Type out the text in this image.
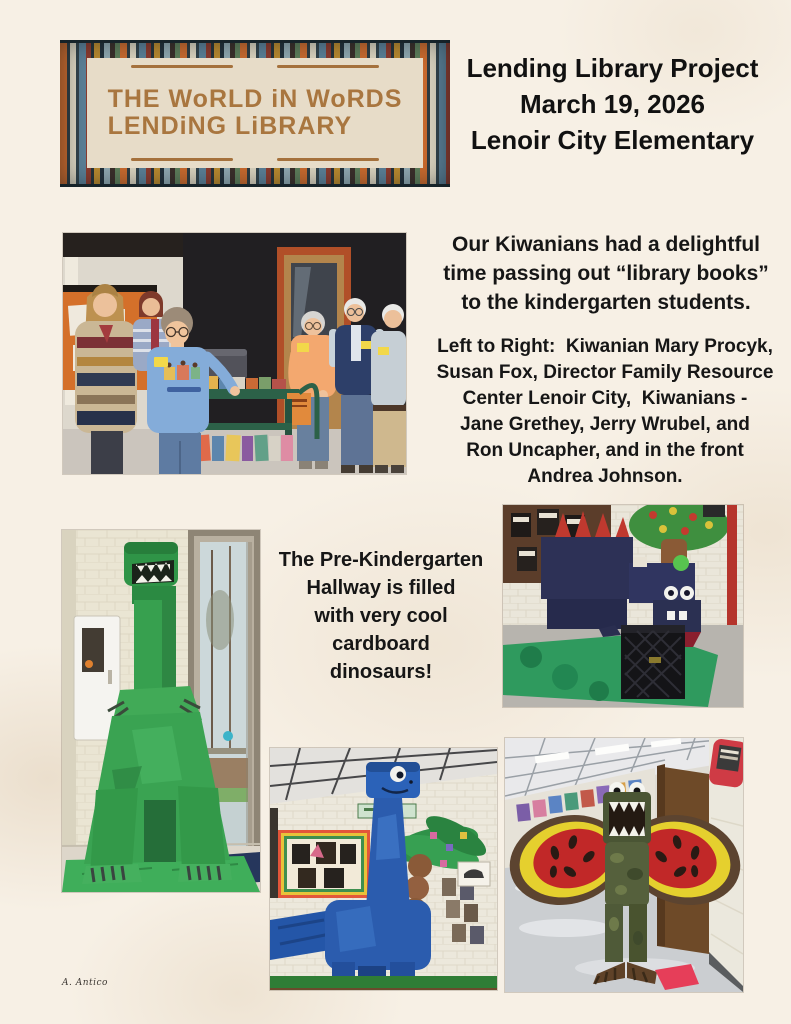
THE WoRLD iN WoRDS
LENDiNG LiBRARY
Lending Library Project
March 19, 2026
Lenoir City Elementary
Our Kiwanians had a delightful
time passing out “library books”
to the kindergarten students.
Left to Right:  Kiwanian Mary Procyk,
Susan Fox, Director Family Resource
Center Lenoir City,  Kiwanians -
Jane Grethey, Jerry Wrubel, and
Ron Uncapher, and in the front
Andrea Johnson.
The Pre-Kindergarten
Hallway is filled
with very cool
cardboard
dinosaurs!
A. Antico
